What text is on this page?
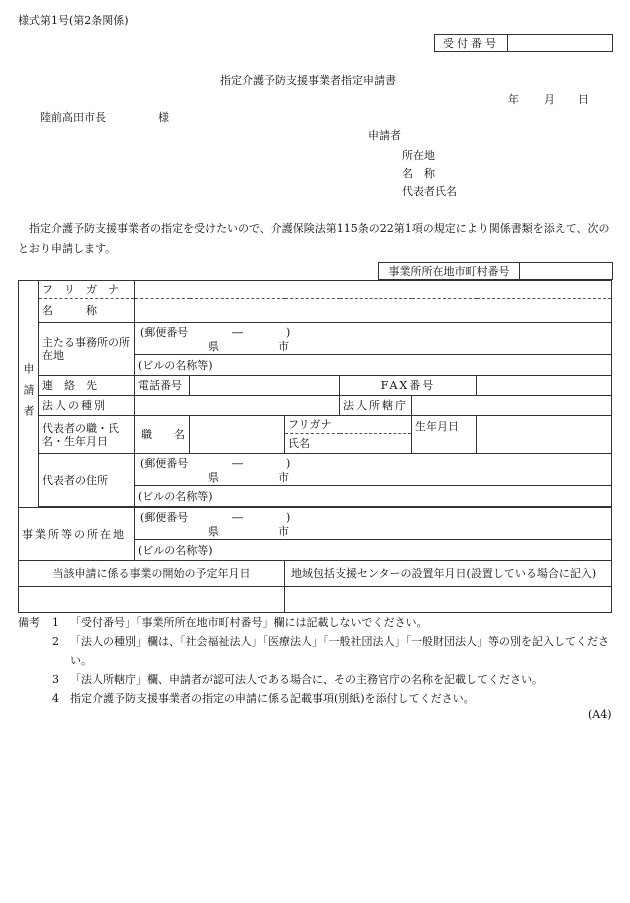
様式第1号(第2条関係)
受付番号	
指定介護予防支援事業者指定申請書
年 月 日
陸前高田市長	様
申請者
所在地
名　称
代表者氏名
指定介護予防支援事業者の指定を受けたいので、介護保険法第115条の22第1項の規定により関係書類を添えて、次のとおり申請します。
事業所所在地市町村番号	
申請者	フ　リ　ガ　ナ						
	名　　　称						
	主たる事務所の所在地	(郵便番号 ― )
県 市					

		(ビルの名称等)					
	連　絡　先	電話番号			FAX番号		
	法人の種別				法人所轄庁		
	代表者の職・氏名・生年月日	職　　名		フリガナ		生年月日	
				氏名			
	代表者の住所	(郵便番号 ― )
県 市					

		(ビルの名称等)					

事業所等の所在地		(郵便番号 ― )
県 市					

		(ビルの名称等)					
当該申請に係る事業の開始の予定年月日				地域包括支援センターの設置年月日(設置している場合に記入)			

備考	1	「受付番号」「事業所所在地市町村番号」欄には記載しないでください。
2	「法人の種別」欄は、「社会福祉法人」「医療法人」「一般社団法人」「一般財団法人」等の別を記入してください。
3	「法人所轄庁」欄、申請者が認可法人である場合に、その主務官庁の名称を記載してください。
4	指定介護予防支援事業者の指定の申請に係る記載事項(別紙)を添付してください。
(A4)
